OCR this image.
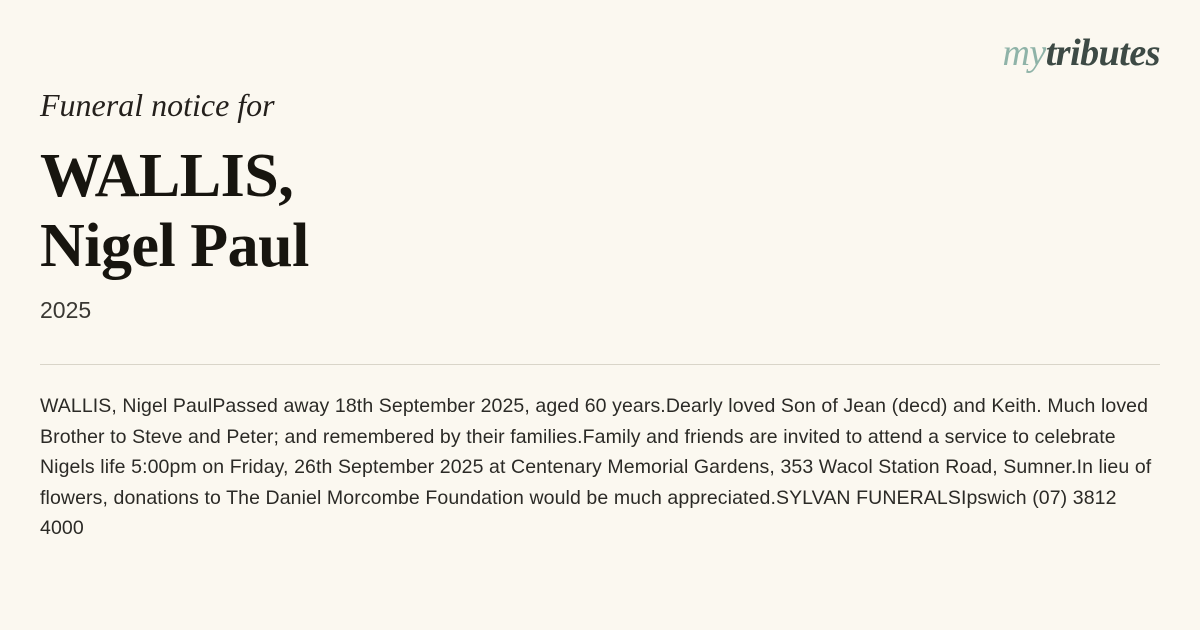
mytributes

Funeral notice for

WALLIS,
Nigel Paul

2025

WALLIS, Nigel PaulPassed away 18th September 2025, aged 60 years.Dearly loved Son of Jean (decd) and Keith. Much loved Brother to Steve and Peter; and remembered by their families.Family and friends are invited to attend a service to celebrate Nigels life 5:00pm on Friday, 26th September 2025 at Centenary Memorial Gardens, 353 Wacol Station Road, Sumner.In lieu of flowers, donations to The Daniel Morcombe Foundation would be much appreciated.SYLVAN FUNERALSIpswich (07) 3812 4000
